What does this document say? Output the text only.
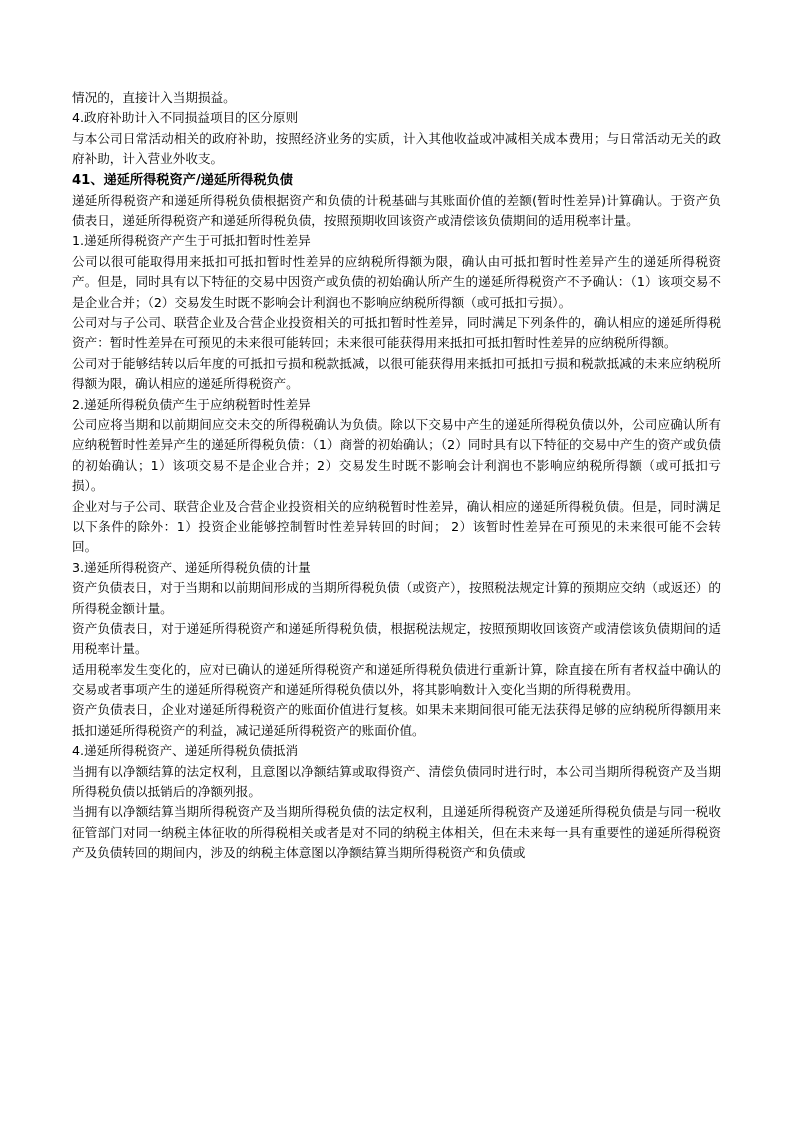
情况的，直接计入当期损益。

4.政府补助计入不同损益项目的区分原则

与本公司日常活动相关的政府补助，按照经济业务的实质，计入其他收益或冲减相关成本费用；与日常活动无关的政府补助，计入营业外收支。

41、递延所得税资产/递延所得税负债

递延所得税资产和递延所得税负债根据资产和负债的计税基础与其账面价值的差额(暂时性差异)计算确认。于资产负债表日，递延所得税资产和递延所得税负债，按照预期收回该资产或清偿该负债期间的适用税率计量。

1.递延所得税资产产生于可抵扣暂时性差异

公司以很可能取得用来抵扣可抵扣暂时性差异的应纳税所得额为限，确认由可抵扣暂时性差异产生的递延所得税资产。但是，同时具有以下特征的交易中因资产或负债的初始确认所产生的递延所得税资产不予确认：（1）该项交易不是企业合并；（2）交易发生时既不影响会计利润也不影响应纳税所得额（或可抵扣亏损）。

公司对与子公司、联营企业及合营企业投资相关的可抵扣暂时性差异，同时满足下列条件的，确认相应的递延所得税资产：暂时性差异在可预见的未来很可能转回；未来很可能获得用来抵扣可抵扣暂时性差异的应纳税所得额。

公司对于能够结转以后年度的可抵扣亏损和税款抵减，以很可能获得用来抵扣可抵扣亏损和税款抵减的未来应纳税所得额为限，确认相应的递延所得税资产。

2.递延所得税负债产生于应纳税暂时性差异

公司应将当期和以前期间应交未交的所得税确认为负债。除以下交易中产生的递延所得税负债以外，公司应确认所有应纳税暂时性差异产生的递延所得税负债：（1）商誉的初始确认；（2）同时具有以下特征的交易中产生的资产或负债的初始确认；1）该项交易不是企业合并；2）交易发生时既不影响会计利润也不影响应纳税所得额（或可抵扣亏损）。

企业对与子公司、联营企业及合营企业投资相关的应纳税暂时性差异，确认相应的递延所得税负债。但是，同时满足以下条件的除外：1）投资企业能够控制暂时性差异转回的时间； 2）该暂时性差异在可预见的未来很可能不会转回。

3.递延所得税资产、递延所得税负债的计量

资产负债表日，对于当期和以前期间形成的当期所得税负债（或资产），按照税法规定计算的预期应交纳（或返还）的所得税金额计量。

资产负债表日，对于递延所得税资产和递延所得税负债，根据税法规定，按照预期收回该资产或清偿该负债期间的适用税率计量。

适用税率发生变化的，应对已确认的递延所得税资产和递延所得税负债进行重新计算，除直接在所有者权益中确认的交易或者事项产生的递延所得税资产和递延所得税负债以外，将其影响数计入变化当期的所得税费用。

资产负债表日，企业对递延所得税资产的账面价值进行复核。如果未来期间很可能无法获得足够的应纳税所得额用来抵扣递延所得税资产的利益，减记递延所得税资产的账面价值。

4.递延所得税资产、递延所得税负债抵消

当拥有以净额结算的法定权利，且意图以净额结算或取得资产、清偿负债同时进行时，本公司当期所得税资产及当期所得税负债以抵销后的净额列报。

当拥有以净额结算当期所得税资产及当期所得税负债的法定权利，且递延所得税资产及递延所得税负债是与同一税收征管部门对同一纳税主体征收的所得税相关或者是对不同的纳税主体相关，但在未来每一具有重要性的递延所得税资产及负债转回的期间内，涉及的纳税主体意图以净额结算当期所得税资产和负债或
